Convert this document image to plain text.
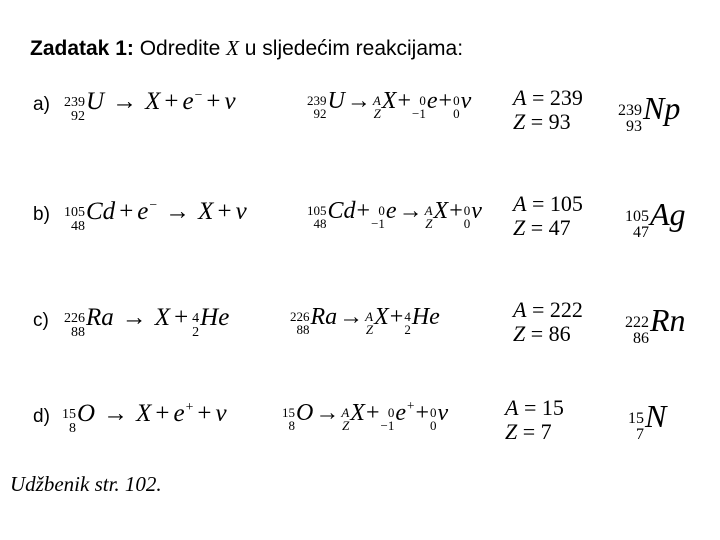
Zadatak 1: Odredite X u sljedećim reakcijama:
a) 239
92
U → X + e − + ν	239
92 U → A
Z X + 0
−1 e + 0
0 ν A = 239
Z = 93	239
93
Np
b) 105
48
Cd + e − → X + ν	105
48 Cd + 0
−1 e → A
Z X + 0
0 ν A = 105
Z = 47	105
47
Ag
c) 226
88
Ra → X + 4
2
He	226
88 Ra → A
Z X + 4
2 He	A = 222
Z = 86	222
86
Rn
d) 15
8
O → X + e + + ν	15
8 O → A
Z X + 0
−1 e + + 0
0 ν	A = 15
Z = 7
15
7
N
Udžbenik str. 102.
